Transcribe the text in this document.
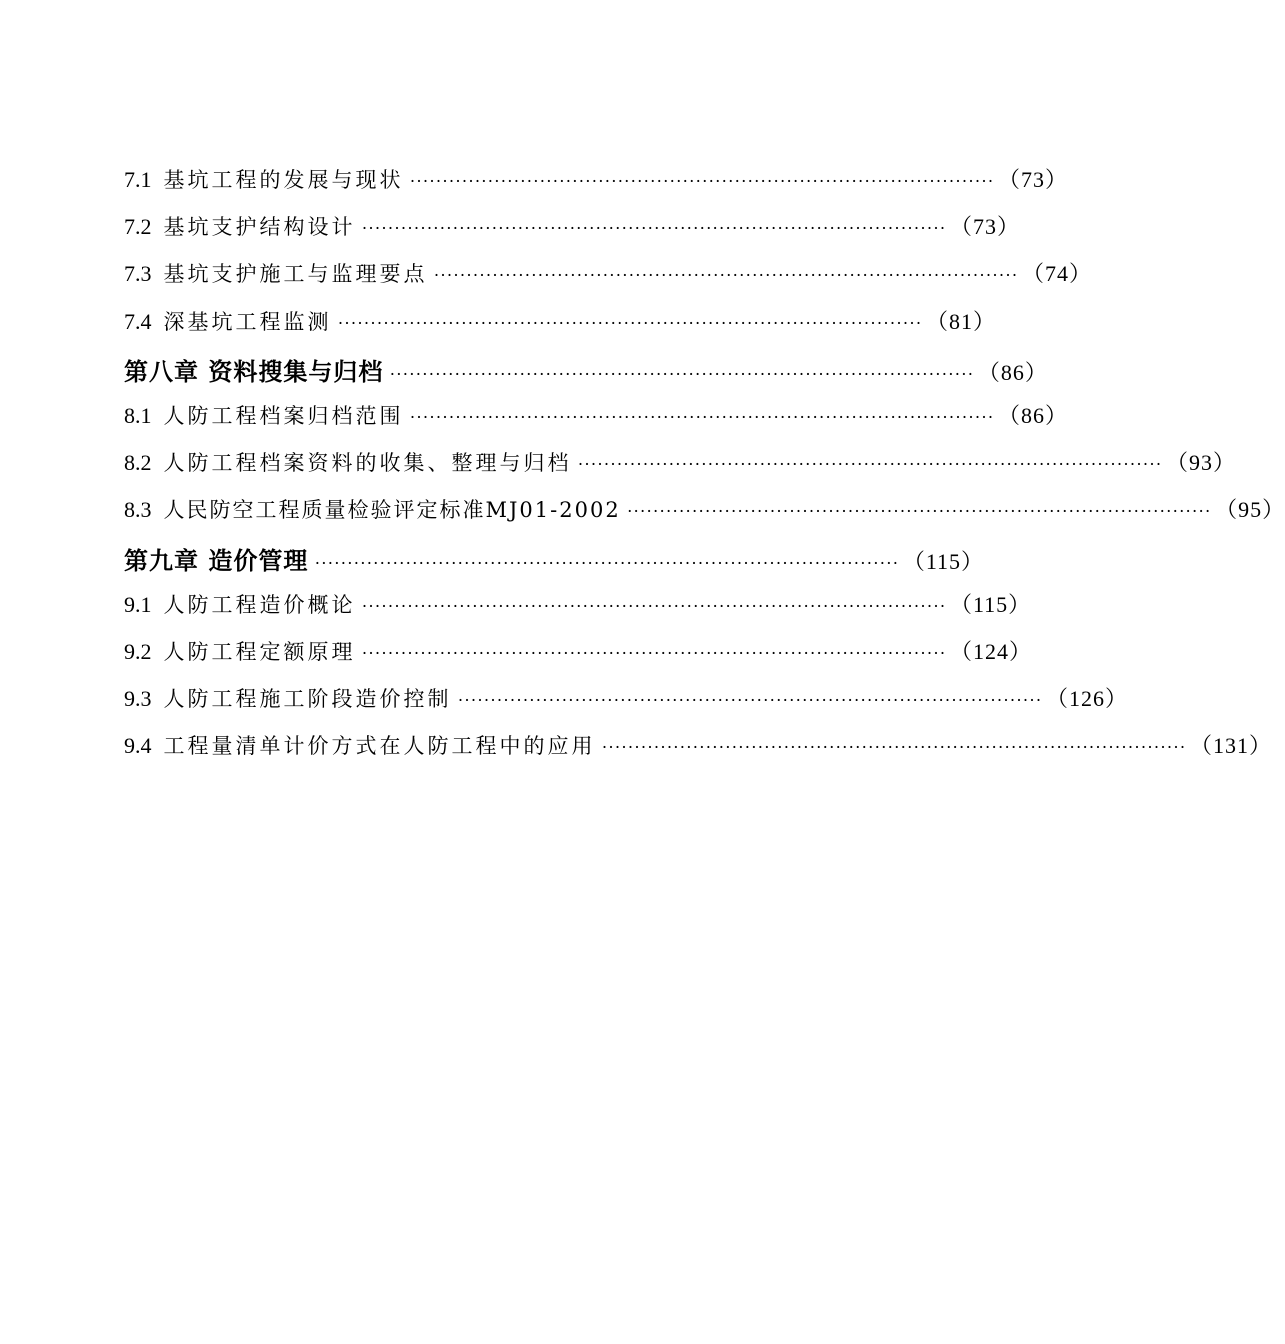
7.1 基坑工程的发展与现状 ·························································································· （73）
7.2 基坑支护结构设计 ·························································································· （73）
7.3 基坑支护施工与监理要点 ·························································································· （74）
7.4 深基坑工程监测 ·························································································· （81）
第八章 资料搜集与归档 ·························································································· （86）
8.1 人防工程档案归档范围 ·························································································· （86）
8.2 人防工程档案资料的收集、整理与归档 ·························································································· （93）
8.3 人民防空工程质量检验评定标准MJ01-2002 ·························································································· （95）
第九章 造价管理 ·························································································· （115）
9.1 人防工程造价概论 ·························································································· （115）
9.2 人防工程定额原理 ·························································································· （124）
9.3 人防工程施工阶段造价控制 ·························································································· （126）
9.4 工程量清单计价方式在人防工程中的应用 ·························································································· （131）
